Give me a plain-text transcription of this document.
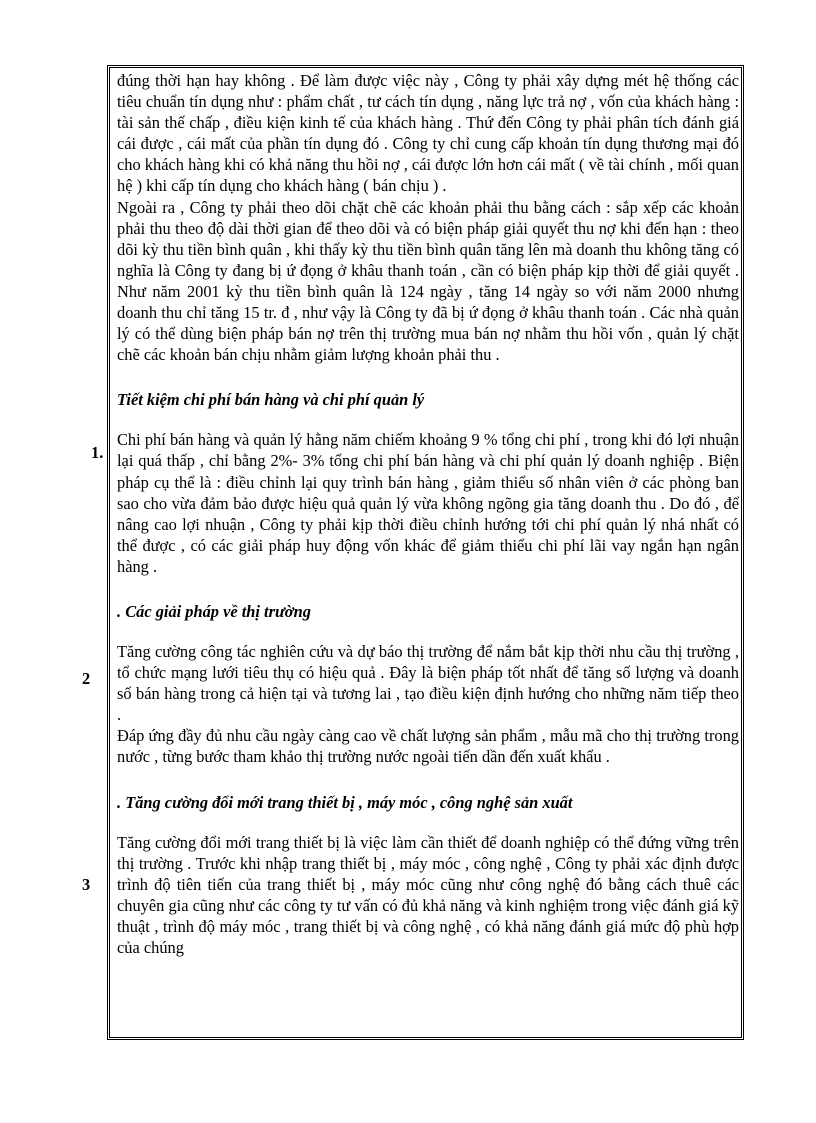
1.
2
3

đúng thời hạn hay không . Để làm được việc này , Công ty phải xây dựng mét hệ thống các tiêu chuẩn tín dụng như : phẩm chất , tư cách tín dụng , năng lực trả nợ , vốn của khách hàng : tài sản thế chấp , điều kiện kinh tế của khách hàng . Thứ đến Công ty phải phân tích đánh giá cái được , cái mất của phần tín dụng đó . Công ty chỉ cung cấp khoản tín dụng thương mại đó cho khách hàng khi có khả năng thu hồi nợ , cái được lớn hơn cái mất ( về tài chính , mối quan hệ ) khi cấp tín dụng cho khách hàng ( bán chịu ) .

Ngoài ra , Công ty phải theo dõi chặt chẽ các khoản phải thu bằng cách : sắp xếp các khoản phải thu theo độ dài thời gian để theo dõi và có biện pháp giải quyết thu nợ khi đến hạn : theo dõi kỳ thu tiền bình quân , khi thấy kỳ thu tiền bình quân tăng lên mà doanh thu không tăng có nghĩa là Công ty đang bị ứ đọng ở khâu thanh toán , cần có biện pháp kịp thời để giải quyết . Như năm 2001 kỳ thu tiền bình quân là 124 ngày , tăng 14 ngày so với năm 2000 nhưng doanh thu chỉ tăng 15 tr. đ , như vậy là Công ty đã bị ứ đọng ở khâu thanh toán . Các nhà quản lý có thể dùng biện pháp bán nợ trên thị trường mua bán nợ nhằm thu hồi vốn , quản lý chặt chẽ các khoản bán chịu nhằm giảm lượng khoản phải thu .

Tiết kiệm chi phí bán hàng và chi phí quản lý

Chi phí bán hàng và quản lý hằng năm chiếm khoảng 9 % tổng chi phí , trong khi đó lợi nhuận lại quá thấp , chỉ bằng 2%- 3% tổng chi phí bán hàng và chi phí quản lý doanh nghiệp . Biện pháp cụ thể là : điều chỉnh lại quy trình bán hàng , giảm thiểu số nhân viên ở các phòng ban sao cho vừa đảm bảo được hiệu quả quản lý vừa không ngõng gia tăng doanh thu . Do đó , để nâng cao lợi nhuận , Công ty phải kịp thời điều chỉnh hướng tới chi phí quản lý nhá nhất có thể được , có các giải pháp huy động vốn khác để giảm thiểu chi phí lãi vay ngắn hạn ngân hàng .

. Các giải pháp về thị trường

Tăng cường công tác nghiên cứu và dự báo thị trường để nắm bắt kịp thời nhu cầu thị trường , tổ chức mạng lưới tiêu thụ có hiệu quả . Đây là biện pháp tốt nhất để tăng số lượng và doanh số bán hàng trong cả hiện tại và tương lai , tạo điều kiện định hướng cho những năm tiếp theo .

Đáp ứng đầy đủ nhu cầu ngày càng cao về chất lượng sản phẩm , mẫu mã cho thị trường trong nước , từng bước tham khảo thị trường nước ngoài tiến dần đến xuất khẩu .

. Tăng cường đổi mới trang thiết bị , máy móc , công nghệ sản xuất

Tăng cường đổi mới trang thiết bị là việc làm cần thiết để doanh nghiệp có thể đứng vững trên thị trường . Trước khi nhập trang thiết bị , máy móc , công nghệ , Công ty phải xác định được trình độ tiên tiến của trang thiết bị , máy móc cũng như công nghệ đó bằng cách thuê các chuyên gia cũng như các công ty tư vấn có đủ khả năng và kinh nghiệm trong việc đánh giá kỹ thuật , trình độ máy móc , trang thiết bị và công nghệ , có khả năng đánh giá mức độ phù hợp của chúng
